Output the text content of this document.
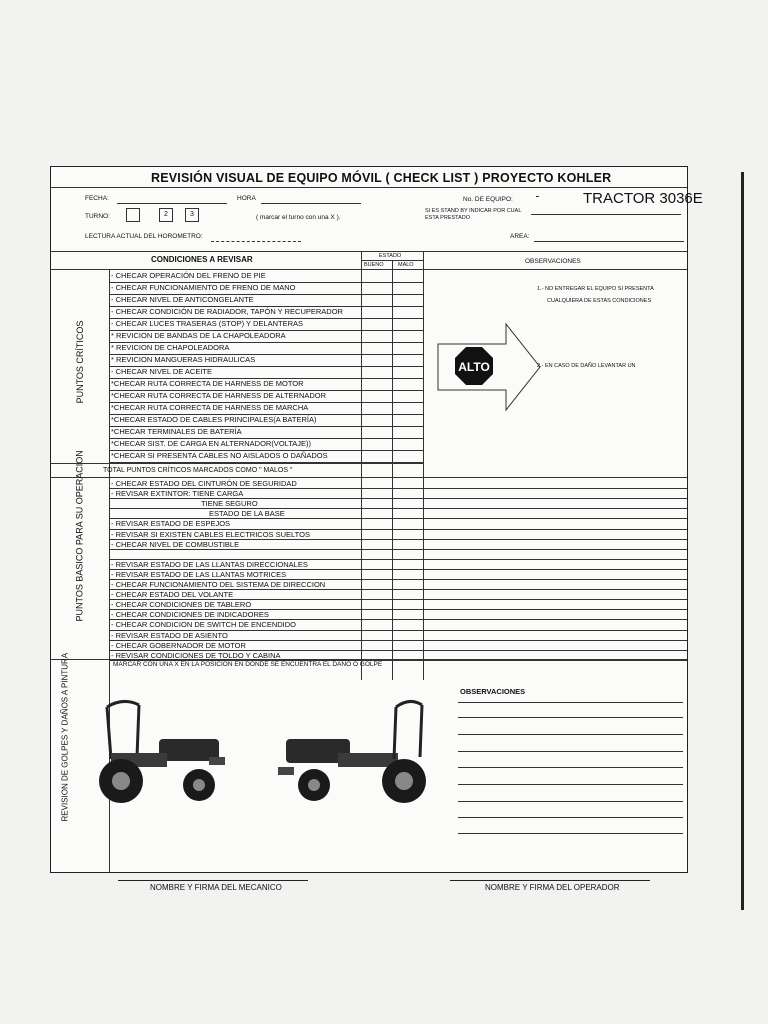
REVISIÓN VISUAL DE EQUIPO MÓVIL ( CHECK LIST ) PROYECTO KOHLER
FECHA:	HORA	No. DE EQUIPO:
	TRACTOR 3036E
SI ES STAND BY INDICAR POR CUAL ESTA PRESTADO
TURNO:	2	3	( marcar el turno con una X ).
LECTURA ACTUAL DEL HOROMETRO:	AREA:
CONDICIONES A REVISAR	ESTADO
BUENO	MALO	OBSERVACIONES
PUNTOS CRÍTICOS
- CHECAR OPERACIÓN DEL FRENO DE PIE
- CHECAR FUNCIONAMIENTO DE FRENO DE MANO
- CHECAR NIVEL DE ANTICONGELANTE
- CHECAR CONDICIÓN DE RADIADOR, TAPÓN Y RECUPERADOR
- CHECAR LUCES TRASERAS (STOP) Y DELANTERAS
* REVICION DE BANDAS DE LA CHAPOLEADORA
* REVICION DE CHAPOLEADORA
* REVICION MANGUERAS HIDRAULICAS
- CHECAR NIVEL DE ACEITE
*CHECAR RUTA CORRECTA DE HARNESS DE MOTOR
*CHECAR RUTA CORRECTA DE HARNESS DE ALTERNADOR
*CHECAR RUTA CORRECTA DE HARNESS DE MARCHA
*CHECAR ESTADO DE CABLES PRINCIPALES(A BATERÍA)
*CHECAR TERMINALES DE BATERÍA
*CHECAR SIST. DE CARGA EN ALTERNADOR(VOLTAJE))
*CHECAR SI PRESENTA CABLES NO AISLADOS O DAÑADOS
ALTO
1.- NO ENTREGAR EL EQUIPO SI PRESENTA
CUALQUIERA DE ESTAS CONDICIONES
2.- EN CASO DE DAÑO LEVANTAR UN
TOTAL PUNTOS CRÍTICOS MARCADOS COMO " MALOS "
PUNTOS BASICO PARA SU OPERACION	- CHECAR ESTADO DEL CINTURÓN DE SEGURIDAD
- REVISAR EXTINTOR: TIENE CARGA
TIENE SEGURO
ESTADO DE LA BASE
- REVISAR ESTADO DE ESPEJOS
- REVISAR SI EXISTEN CABLES ELECTRICOS SUELTOS
- CHECAR NIVEL DE COMBUSTIBLE
- REVISAR ESTADO DE LAS LLANTAS DIRECCIONALES
- REVISAR ESTADO DE LAS LLANTAS MOTRICES
- CHECAR FUNCIONAMIENTO DEL SISTEMA DE DIRECCION
- CHECAR ESTADO DEL VOLANTE
- CHECAR CONDICIONES DE TABLERO
- CHECAR CONDICIONES DE INDICADORES
- CHECAR CONDICION DE SWITCH DE ENCENDIDO
- REVISAR ESTADO DE ASIENTO
- CHECAR GOBERNADOR DE MOTOR
- REVISAR CONDICIONES DE TOLDO Y CABINA
REVISION DE GOLPES Y DAÑOS A PINTURA	MARCAR CON UNA X EN LA POSICION EN DONDE SE ENCUENTRA EL DAÑO O GOLPE
OBSERVACIONES
NOMBRE Y FIRMA DEL MECANICO	NOMBRE Y FIRMA DEL OPERADOR
